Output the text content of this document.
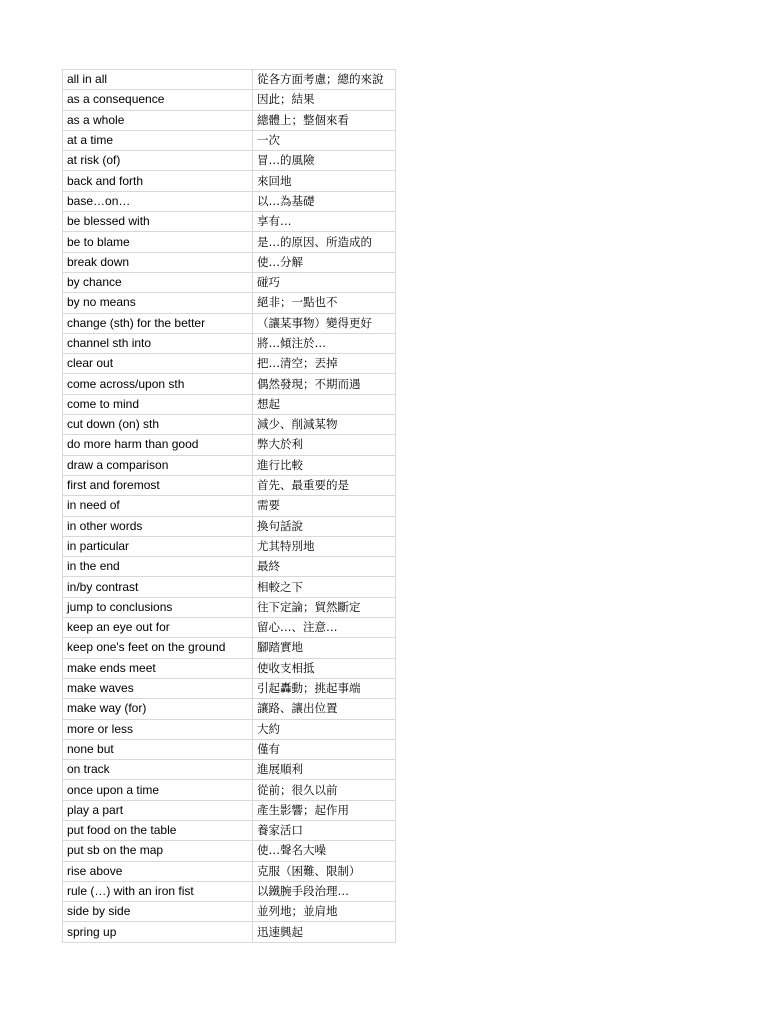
all in all	從各方面考慮；總的來說
as a consequence	因此；結果
as a whole	總體上；整個來看
at a time	一次
at risk (of)	冒…的風險
back and forth	來回地
base…on…	以…為基礎
be blessed with	享有…
be to blame	是…的原因、所造成的
break down	使…分解
by chance	碰巧
by no means	絕非；一點也不
change (sth) for the better	（讓某事物）變得更好
channel sth into	將…傾注於…
clear out	把…清空；丟掉
come across/upon sth	偶然發現；不期而遇
come to mind	想起
cut down (on) sth	減少、削減某物
do more harm than good	弊大於利
draw a comparison	進行比較
first and foremost	首先、最重要的是
in need of	需要
in other words	換句話說
in particular	尤其特別地
in the end	最終
in/by contrast	相較之下
jump to conclusions	往下定論；貿然斷定
keep an eye out for	留心…、注意…
keep one's feet on the ground	腳踏實地
make ends meet	使收支相抵
make waves	引起轟動；挑起事端
make way (for)	讓路、讓出位置
more or less	大約
none but	僅有
on track	進展順利
once upon a time	從前；很久以前
play a part	產生影響；起作用
put food on the table	養家活口
put sb on the map	使…聲名大噪
rise above	克服（困難、限制）
rule (…) with an iron fist	以鐵腕手段治理…
side by side	並列地；並肩地
spring up	迅速興起
